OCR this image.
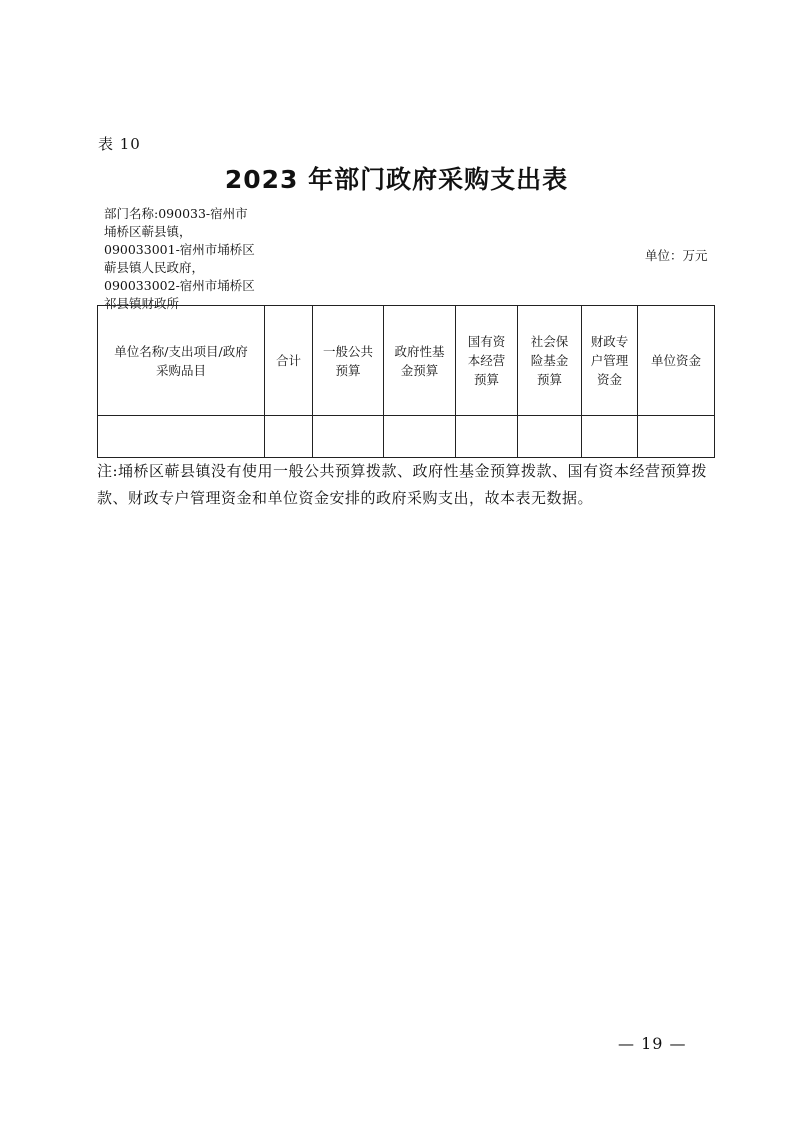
表 10
2023 年部门政府采购支出表
部门名称:090033-宿州市
埇桥区蕲县镇，
090033001-宿州市埇桥区
蕲县镇人民政府，
090033002-宿州市埇桥区
祁县镇财政所
单位：万元
单位名称/支出项目/政府采购品目	合计	一般公共预算	政府性基金预算	国有资本经营预算	社会保险基金预算	财政专户管理资金	单位资金

注:埇桥区蕲县镇没有使用一般公共预算拨款、政府性基金预算拨款、国有资本经营预算拨款、财政专户管理资金和单位资金安排的政府采购支出，故本表无数据。
— 19 —
